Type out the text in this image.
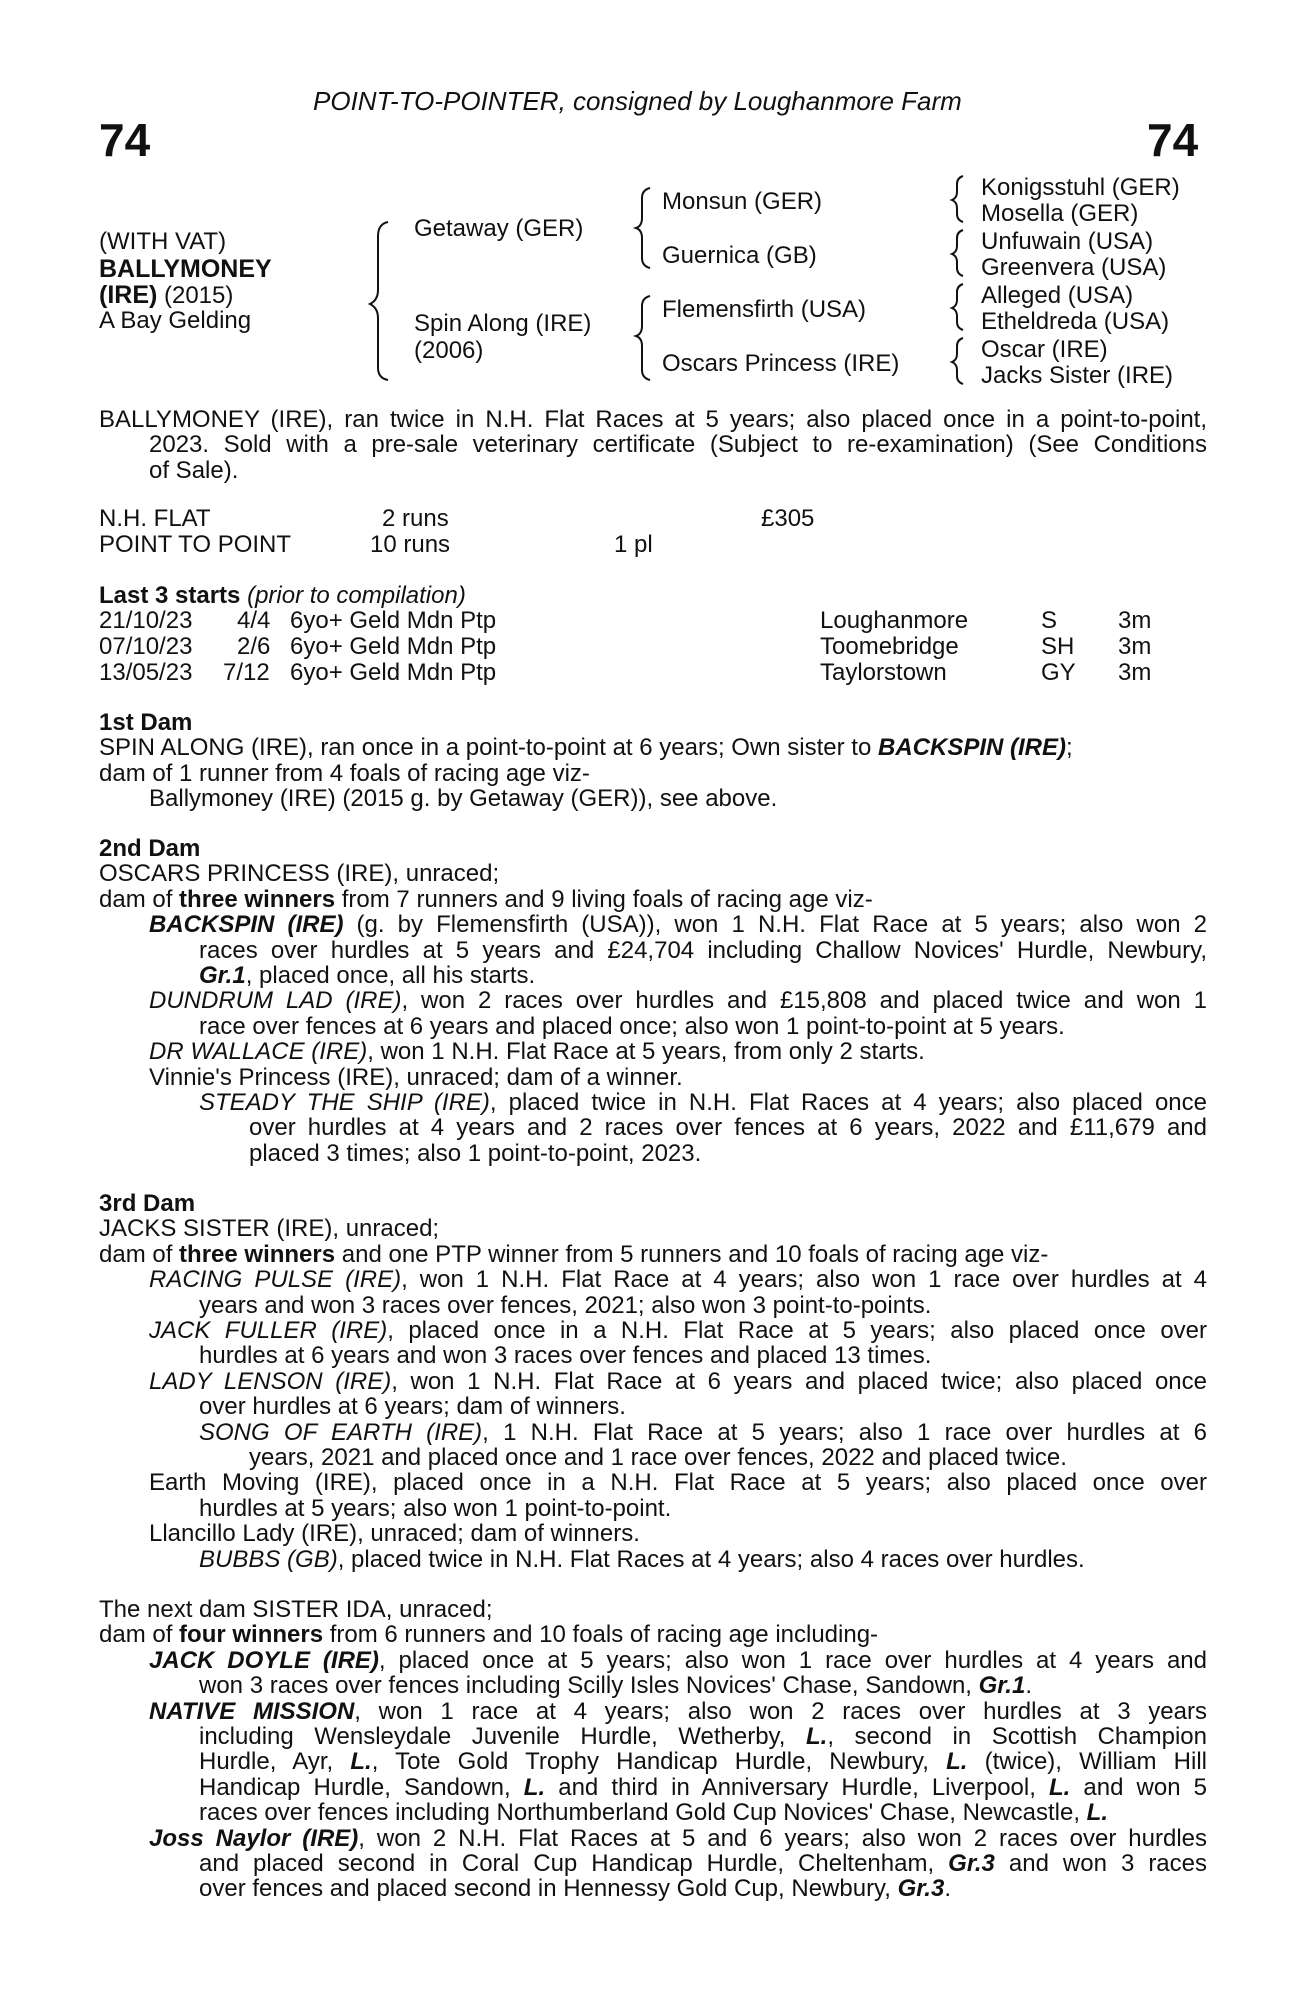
POINT-TO-POINTER, consigned by Loughanmore Farm
74	74
(WITH VAT)
BALLYMONEY
(IRE) (2015)
A Bay Gelding
Getaway (GER)
Spin Along (IRE)
(2006)
Monsun (GER)
Guernica (GB)
Flemensfirth (USA)
Oscars Princess (IRE)
Konigsstuhl (GER)
Mosella (GER)
Unfuwain (USA)
Greenvera (USA)
Alleged (USA)
Etheldreda (USA)
Oscar (IRE)
Jacks Sister (IRE)
BALLYMONEY (IRE), ran twice in N.H. Flat Races at 5 years; also placed once in a point-to-point,
2023. Sold with a pre-sale veterinary certificate (Subject to re-examination) (See Conditions
of Sale).
N.H. FLAT	2 runs	£305
POINT TO POINT	10 runs	1 pl
Last 3 starts (prior to compilation)
21/10/23 4/4 6yo+ Geld Mdn Ptp	Loughanmore	S	3m
07/10/23 2/6 6yo+ Geld Mdn Ptp	Toomebridge	SH 3m
13/05/23 7/12 6yo+ Geld Mdn Ptp	Taylorstown	GY 3m
1st Dam
SPIN ALONG (IRE), ran once in a point-to-point at 6 years; Own sister to BACKSPIN (IRE);
dam of 1 runner from 4 foals of racing age viz-
Ballymoney (IRE) (2015 g. by Getaway (GER)), see above.
2nd Dam
OSCARS PRINCESS (IRE), unraced;
dam of three winners from 7 runners and 9 living foals of racing age viz-
BACKSPIN (IRE) (g. by Flemensfirth (USA)), won 1 N.H. Flat Race at 5 years; also won 2
races over hurdles at 5 years and £24,704 including Challow Novices' Hurdle, Newbury,
Gr.1, placed once, all his starts.
DUNDRUM LAD (IRE), won 2 races over hurdles and £15,808 and placed twice and won 1
race over fences at 6 years and placed once; also won 1 point-to-point at 5 years.
DR WALLACE (IRE), won 1 N.H. Flat Race at 5 years, from only 2 starts.
Vinnie's Princess (IRE), unraced; dam of a winner.
STEADY THE SHIP (IRE), placed twice in N.H. Flat Races at 4 years; also placed once
over hurdles at 4 years and 2 races over fences at 6 years, 2022 and £11,679 and
placed 3 times; also 1 point-to-point, 2023.
3rd Dam
JACKS SISTER (IRE), unraced;
dam of three winners and one PTP winner from 5 runners and 10 foals of racing age viz-
RACING PULSE (IRE), won 1 N.H. Flat Race at 4 years; also won 1 race over hurdles at 4
years and won 3 races over fences, 2021; also won 3 point-to-points.
JACK FULLER (IRE), placed once in a N.H. Flat Race at 5 years; also placed once over
hurdles at 6 years and won 3 races over fences and placed 13 times.
LADY LENSON (IRE), won 1 N.H. Flat Race at 6 years and placed twice; also placed once
over hurdles at 6 years; dam of winners.
SONG OF EARTH (IRE), 1 N.H. Flat Race at 5 years; also 1 race over hurdles at 6
years, 2021 and placed once and 1 race over fences, 2022 and placed twice.
Earth Moving (IRE), placed once in a N.H. Flat Race at 5 years; also placed once over
hurdles at 5 years; also won 1 point-to-point.
Llancillo Lady (IRE), unraced; dam of winners.
BUBBS (GB), placed twice in N.H. Flat Races at 4 years; also 4 races over hurdles.
The next dam SISTER IDA, unraced;
dam of four winners from 6 runners and 10 foals of racing age including-
JACK DOYLE (IRE), placed once at 5 years; also won 1 race over hurdles at 4 years and
won 3 races over fences including Scilly Isles Novices' Chase, Sandown, Gr.1.
NATIVE MISSION, won 1 race at 4 years; also won 2 races over hurdles at 3 years
including Wensleydale Juvenile Hurdle, Wetherby, L., second in Scottish Champion
Hurdle, Ayr, L., Tote Gold Trophy Handicap Hurdle, Newbury, L. (twice), William Hill
Handicap Hurdle, Sandown, L. and third in Anniversary Hurdle, Liverpool, L. and won 5
races over fences including Northumberland Gold Cup Novices' Chase, Newcastle, L.
Joss Naylor (IRE), won 2 N.H. Flat Races at 5 and 6 years; also won 2 races over hurdles
and placed second in Coral Cup Handicap Hurdle, Cheltenham, Gr.3 and won 3 races
over fences and placed second in Hennessy Gold Cup, Newbury, Gr.3.
